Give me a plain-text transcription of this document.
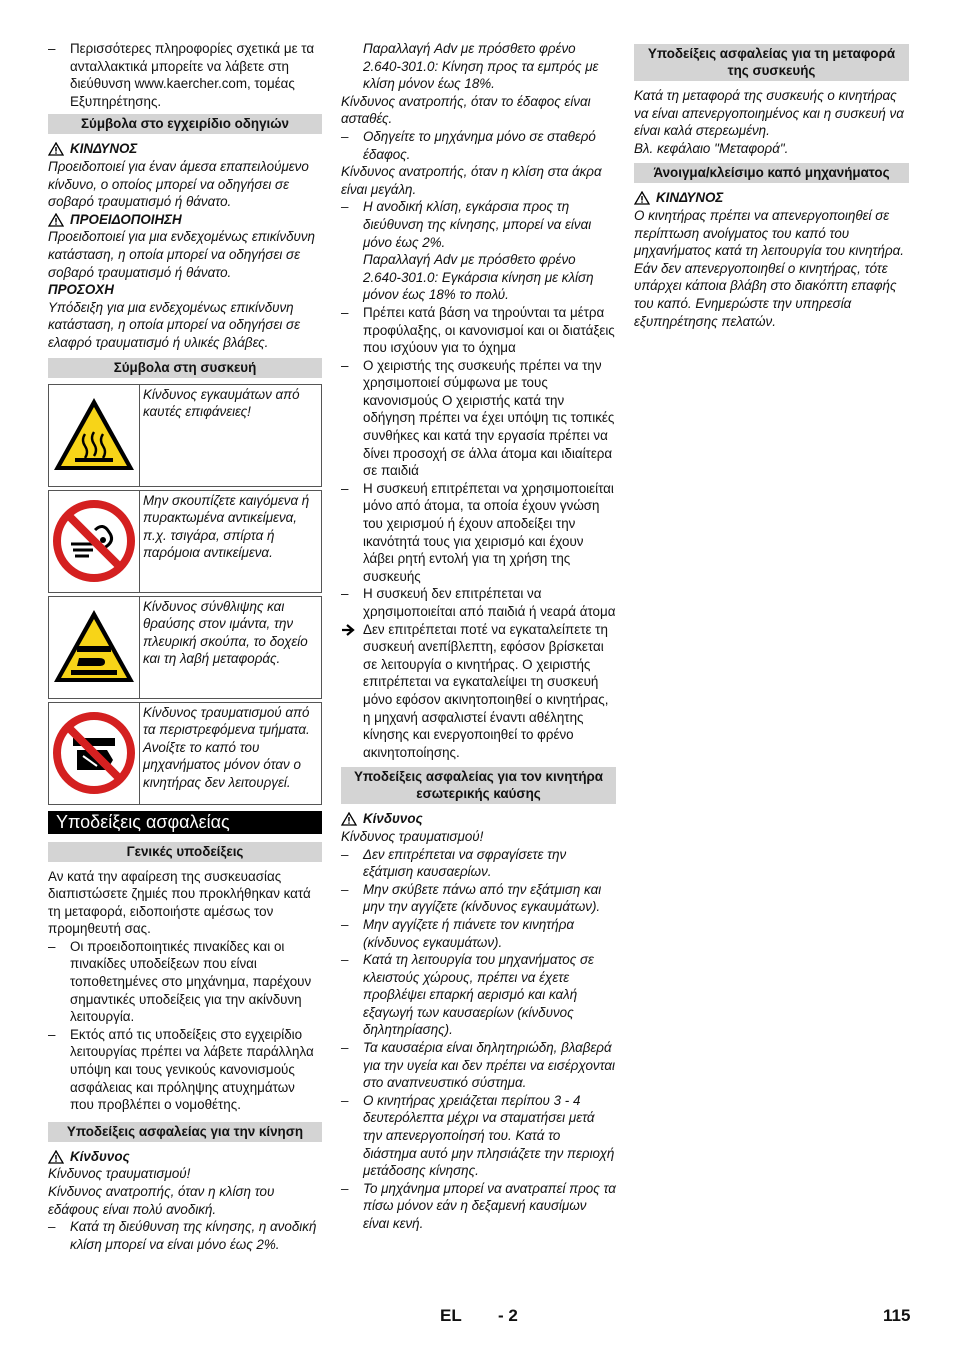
– Περισσότερες πληροφορίες σχετικά με τα ανταλλακτικά μπορείτε να λάβετε στη διεύθυνση www.kaercher.com, τομέας Εξυπηρέτησης.

Σύμβολα στο εγχειρίδιο οδηγιών

ΚΙΝΔΥΝΟΣ

Προειδοποιεί για έναν άμεσα επαπειλούμενο κίνδυνο, ο οποίος μπορεί να οδηγήσει σε σοβαρό τραυματισμό ή θάνατο.

ΠΡΟΕΙΔΟΠΟΙΗΣΗ

Προειδοποιεί για μια ενδεχομένως επικίνδυνη κατάσταση, η οποία μπορεί να οδηγήσει σε σοβαρό τραυματισμό ή θάνατο.

ΠΡΟΣΟΧΗ

Υπόδειξη για μια ενδεχομένως επικίνδυνη κατάσταση, η οποία μπορεί να οδηγήσει σε ελαφρό τραυματισμό ή υλικές βλάβες.

Σύμβολα στη συσκευή
Κίνδυνος εγκαυμάτων από καυτές επιφάνειες!
Μην σκουπίζετε καιγόμενα ή πυρακτωμένα αντικείμενα, π.χ. τσιγάρα, σπίρτα ή παρόμοια αντικείμενα.
Κίνδυνος σύνθλιψης και θραύσης στον ιμάντα, την πλευρική σκούπα, το δοχείο και τη λαβή μεταφοράς.
Κίνδυνος τραυματισμού από τα περιστρεφόμενα τμήματα. Ανοίξτε το καπό του μηχανήματος μόνον όταν ο κινητήρας δεν λειτουργεί.
Υποδείξεις ασφαλείας
Γενικές υποδείξεις

Αν κατά την αφαίρεση της συσκευασίας διαπιστώσετε ζημιές που προκλήθηκαν κατά τη μεταφορά, ειδοποιήστε αμέσως τον προμηθευτή σας.

– Οι προειδοποιητικές πινακίδες και οι πινακίδες υποδείξεων που είναι τοποθετημένες στο μηχάνημα, παρέχουν σημαντικές υποδείξεις για την ακίνδυνη λειτουργία.

– Εκτός από τις υποδείξεις στο εγχειρίδιο λειτουργίας πρέπει να λάβετε παράλληλα υπόψη και τους γενικούς κανονισμούς ασφάλειας και πρόληψης ατυχημάτων που προβλέπει ο νομοθέτης.

Υποδείξεις ασφαλείας για την κίνηση

Κίνδυνος

Κίνδυνος τραυματισμού!

Κίνδυνος ανατροπής, όταν η κλίση του εδάφους είναι πολύ ανοδική.

– Κατά τη διεύθυνση της κίνησης, η ανοδική κλίση μπορεί να είναι μόνο έως 2%.

Παραλλαγή Adv με πρόσθετο φρένο 2.640-301.0: Κίνηση προς τα εμπρός με κλίση μόνον έως 18%.

Κίνδυνος ανατροπής, όταν το έδαφος είναι ασταθές.

– Οδηγείτε το μηχάνημα μόνο σε σταθερό έδαφος.

Κίνδυνος ανατροπής, όταν η κλίση στα άκρα είναι μεγάλη.

– Η ανοδική κλίση, εγκάρσια προς τη διεύθυνση της κίνησης, μπορεί να είναι μόνο έως 2%.

Παραλλαγή Adv με πρόσθετο φρένο 2.640-301.0: Εγκάρσια κίνηση με κλίση μόνον έως 18% το πολύ.

– Πρέπει κατά βάση να τηρούνται τα μέτρα προφύλαξης, οι κανονισμοί και οι διατάξεις που ισχύουν για το όχημα

– Ο χειριστής της συσκευής πρέπει να την χρησιμοποιεί σύμφωνα με τους κανονισμούς Ο χειριστής κατά την οδήγηση πρέπει να έχει υπόψη τις τοπικές συνθήκες και κατά την εργασία πρέπει να δίνει προσοχή σε άλλα άτομα και ιδιαίτερα σε παιδιά

– Η συσκευή επιτρέπεται να χρησιμοποιείται μόνο από άτομα, τα οποία έχουν γνώση του χειρισμού ή έχουν αποδείξει την ικανότητά τους για χειρισμό και έχουν λάβει ρητή εντολή για τη χρήση της συσκευής

– Η συσκευή δεν επιτρέπεται να χρησιμοποιείται από παιδιά ή νεαρά άτομα

Δεν επιτρέπεται ποτέ να εγκαταλείπετε τη συσκευή ανεπίβλεπτη, εφόσον βρίσκεται σε λειτουργία ο κινητήρας. Ο χειριστής επιτρέπεται να εγκαταλείψει τη συσκευή μόνο εφόσον ακινητοποιηθεί ο κινητήρας, η μηχανή ασφαλιστεί έναντι αθέλητης κίνησης και ενεργοποιηθεί το φρένο ακινητοποίησης.

Υποδείξεις ασφαλείας για τον κινητήρα εσωτερικής καύσης

Κίνδυνος

Κίνδυνος τραυματισμού!

– Δεν επιτρέπεται να σφραγίσετε την εξάτμιση καυσαερίων.

– Μην σκύβετε πάνω από την εξάτμιση και μην την αγγίζετε (κίνδυνος εγκαυμάτων).

– Μην αγγίζετε ή πιάνετε τον κινητήρα (κίνδυνος εγκαυμάτων).

– Κατά τη λειτουργία του μηχανήματος σε κλειστούς χώρους, πρέπει να έχετε προβλέψει επαρκή αερισμό και καλή εξαγωγή των καυσαερίων (κίνδυνος δηλητηρίασης).

– Τα καυσαέρια είναι δηλητηριώδη, βλαβερά για την υγεία και δεν πρέπει να εισέρχονται στο αναπνευστικό σύστημα.

– Ο κινητήρας χρειάζεται περίπου 3 - 4 δευτερόλεπτα μέχρι να σταματήσει μετά την απενεργοποίησή του. Κατά το διάστημα αυτό μην πλησιάζετε την περιοχή μετάδοσης κίνησης.

– Το μηχάνημα μπορεί να ανατραπεί προς τα πίσω μόνον εάν η δεξαμενή καυσίμων είναι κενή.

Υποδείξεις ασφαλείας για τη μεταφορά της συσκευής

Κατά τη μεταφορά της συσκευής ο κινητήρας να είναι απενεργοποιημένος και η συσκευή να είναι καλά στερεωμένη.

Βλ. κεφάλαιο "Μεταφορά".

Άνοιγμα/κλείσιμο καπό μηχανήματος

ΚΙΝΔΥΝΟΣ

Ο κινητήρας πρέπει να απενεργοποιηθεί σε περίπτωση ανοίγματος του καπό του μηχανήματος κατά τη λειτουργία του κινητήρα. Εάν δεν απενεργοποιηθεί ο κινητήρας, τότε υπάρχει κάποια βλάβη στο διακόπτη επαφής του καπό. Ενημερώστε την υπηρεσία εξυπηρέτησης πελατών.

EL - 2	115
